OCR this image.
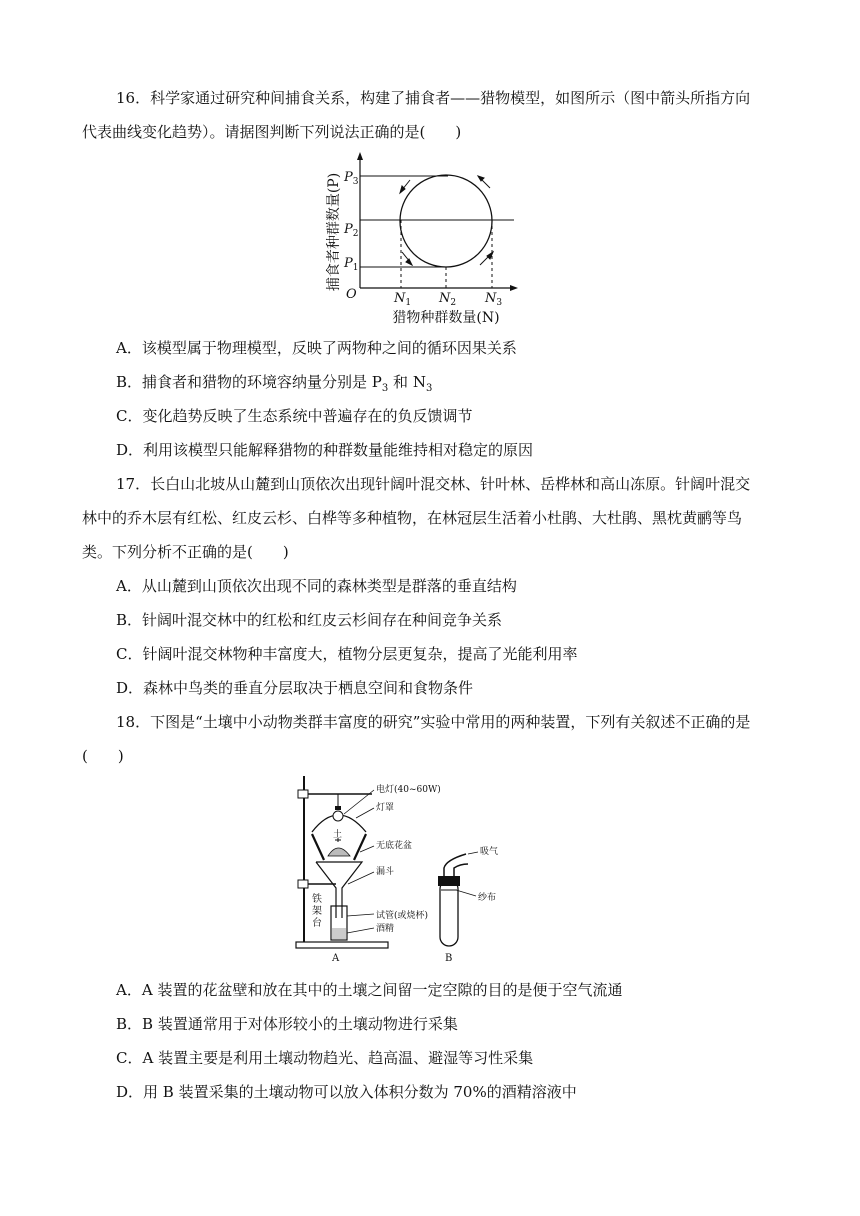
16．科学家通过研究种间捕食关系，构建了捕食者——猎物模型，如图所示（图中箭头所指方向
代表曲线变化趋势）。请据图判断下列说法正确的是(　　)
捕食者种群数量(P) $P_3$
$P_2$
$P_1$
O	$N_1$ $N_2$ $N_3$
猎物种群数量(N)
A．该模型属于物理模型，反映了两物种之间的循环因果关系
B．捕食者和猎物的环境容纳量分别是 $P_3$ 和 $N_3$
C．变化趋势反映了生态系统中普遍存在的负反馈调节
D．利用该模型只能解释猎物的种群数量能维持相对稳定的原因
17．长白山北坡从山麓到山顶依次出现针阔叶混交林、针叶林、岳桦林和高山冻原。针阔叶混交
林中的乔木层有红松、红皮云杉、白桦等多种植物，在林冠层生活着小杜鹃、大杜鹃、黑枕黄鹂等鸟
类。下列分析不正确的是(　　)
A．从山麓到山顶依次出现不同的森林类型是群落的垂直结构
B．针阔叶混交林中的红松和红皮云杉间存在种间竞争关系
C．针阔叶混交林物种丰富度大，植物分层更复杂，提高了光能利用率
D．森林中鸟类的垂直分层取决于栖息空间和食物条件
18．下图是“土壤中小动物类群丰富度的研究”实验中常用的两种装置，下列有关叙述不正确的是
(　　)
电灯(40~60W)
灯罩
土
无底花盆
漏斗
铁
架
台
试管(或烧杯)
酒精
A
吸气
纱布
B
A．A 装置的花盆壁和放在其中的土壤之间留一定空隙的目的是便于空气流通
B．B 装置通常用于对体形较小的土壤动物进行采集
C．A 装置主要是利用土壤动物趋光、趋高温、避湿等习性采集
D．用 B 装置采集的土壤动物可以放入体积分数为 70%的酒精溶液中
